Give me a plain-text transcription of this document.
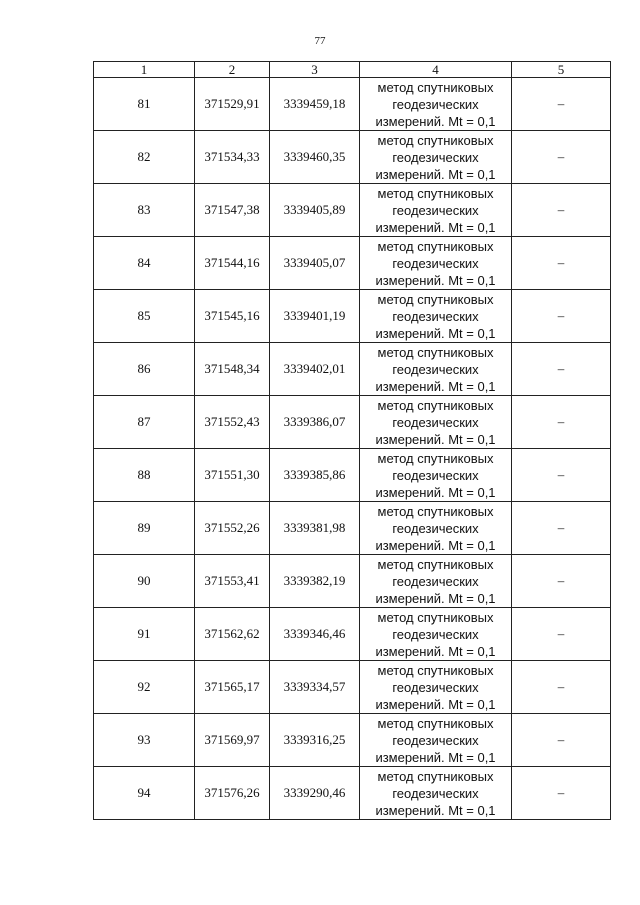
77
1	2	3	4	5
81	371529,91	3339459,18	метод спутниковых
геодезических
измерений. Mt = 0,1	–
82	371534,33	3339460,35	метод спутниковых
геодезических
измерений. Mt = 0,1	–
83	371547,38	3339405,89	метод спутниковых
геодезических
измерений. Mt = 0,1	–
84	371544,16	3339405,07	метод спутниковых
геодезических
измерений. Mt = 0,1	–
85	371545,16	3339401,19	метод спутниковых
геодезических
измерений. Mt = 0,1	–
86	371548,34	3339402,01	метод спутниковых
геодезических
измерений. Mt = 0,1	–
87	371552,43	3339386,07	метод спутниковых
геодезических
измерений. Mt = 0,1	–
88	371551,30	3339385,86	метод спутниковых
геодезических
измерений. Mt = 0,1	–
89	371552,26	3339381,98	метод спутниковых
геодезических
измерений. Mt = 0,1	–
90	371553,41	3339382,19	метод спутниковых
геодезических
измерений. Mt = 0,1	–
91	371562,62	3339346,46	метод спутниковых
геодезических
измерений. Mt = 0,1	–
92	371565,17	3339334,57	метод спутниковых
геодезических
измерений. Mt = 0,1	–
93	371569,97	3339316,25	метод спутниковых
геодезических
измерений. Mt = 0,1	–
94	371576,26	3339290,46	метод спутниковых
геодезических
измерений. Mt = 0,1	–
